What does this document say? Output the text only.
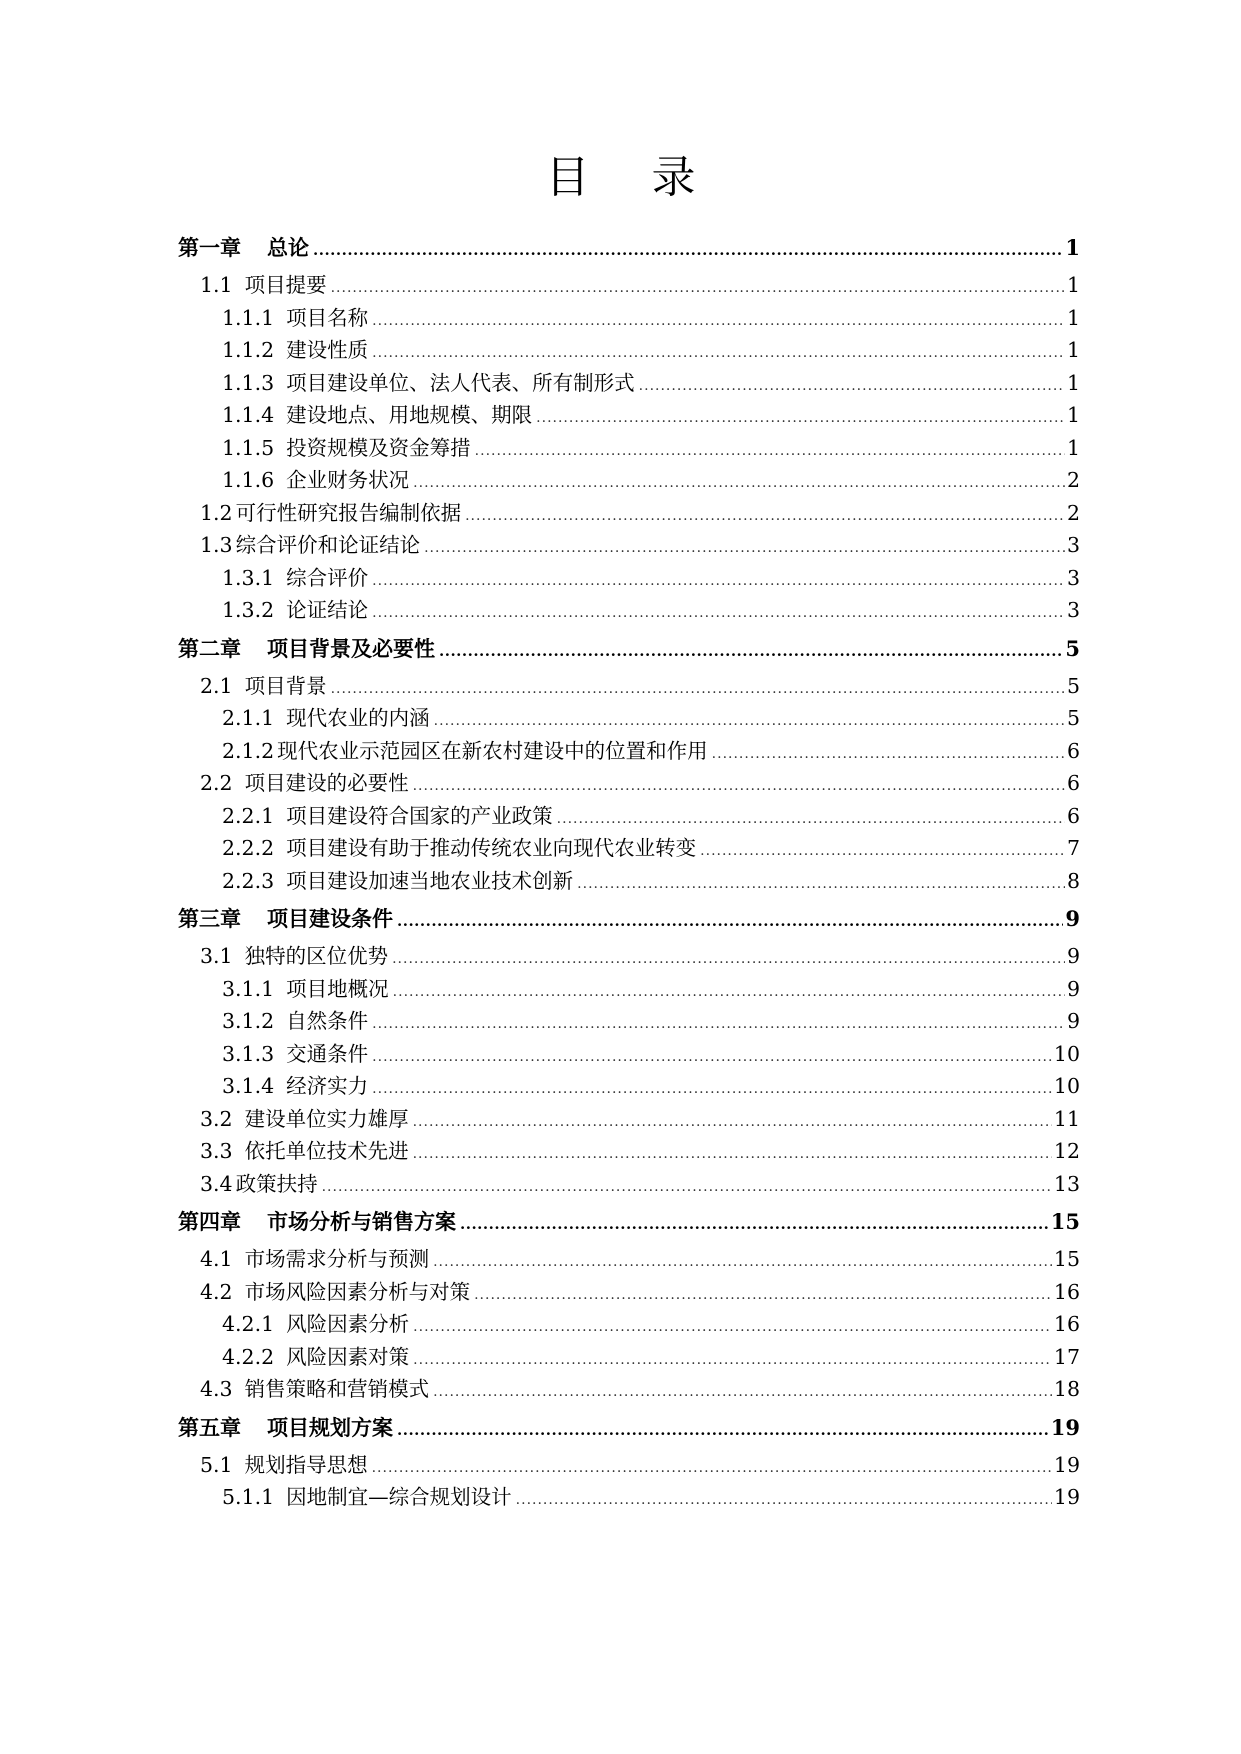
目 录
第一章 总论 .....	1
1.1 项目提要 .....	1
1.1.1 项目名称 .....	1
1.1.2 建设性质 .....	1
1.1.3 项目建设单位、法人代表、所有制形式 .....	1
1.1.4 建设地点、用地规模、期限 .....	1
1.1.5 投资规模及资金筹措 .....	1
1.1.6 企业财务状况 .....	2
1.2 可行性研究报告编制依据 .....	2
1.3 综合评价和论证结论 .....	3
1.3.1 综合评价 .....	3
1.3.2 论证结论 .....	3
第二章 项目背景及必要性 .....	5
2.1 项目背景 .....	5
2.1.1 现代农业的内涵 .....	5
2.1.2 现代农业示范园区在新农村建设中的位置和作用 .....	6
2.2 项目建设的必要性 .....	6
2.2.1 项目建设符合国家的产业政策 .....	6
2.2.2 项目建设有助于推动传统农业向现代农业转变 .....	7
2.2.3 项目建设加速当地农业技术创新 .....	8
第三章 项目建设条件 .....	9
3.1 独特的区位优势 .....	9
3.1.1 项目地概况 .....	9
3.1.2 自然条件 .....	9
3.1.3 交通条件 .....	10
3.1.4 经济实力 .....	10
3.2 建设单位实力雄厚 .....	11
3.3 依托单位技术先进 .....	12
3.4 政策扶持 .....	13
第四章 市场分析与销售方案 .....	15
4.1 市场需求分析与预测 .....	15
4.2 市场风险因素分析与对策 .....	16
4.2.1 风险因素分析 .....	16
4.2.2 风险因素对策 .....	17
4.3 销售策略和营销模式 .....	18
第五章 项目规划方案 .....	19
5.1 规划指导思想 .....	19
5.1.1 因地制宜—综合规划设计 .....	19
